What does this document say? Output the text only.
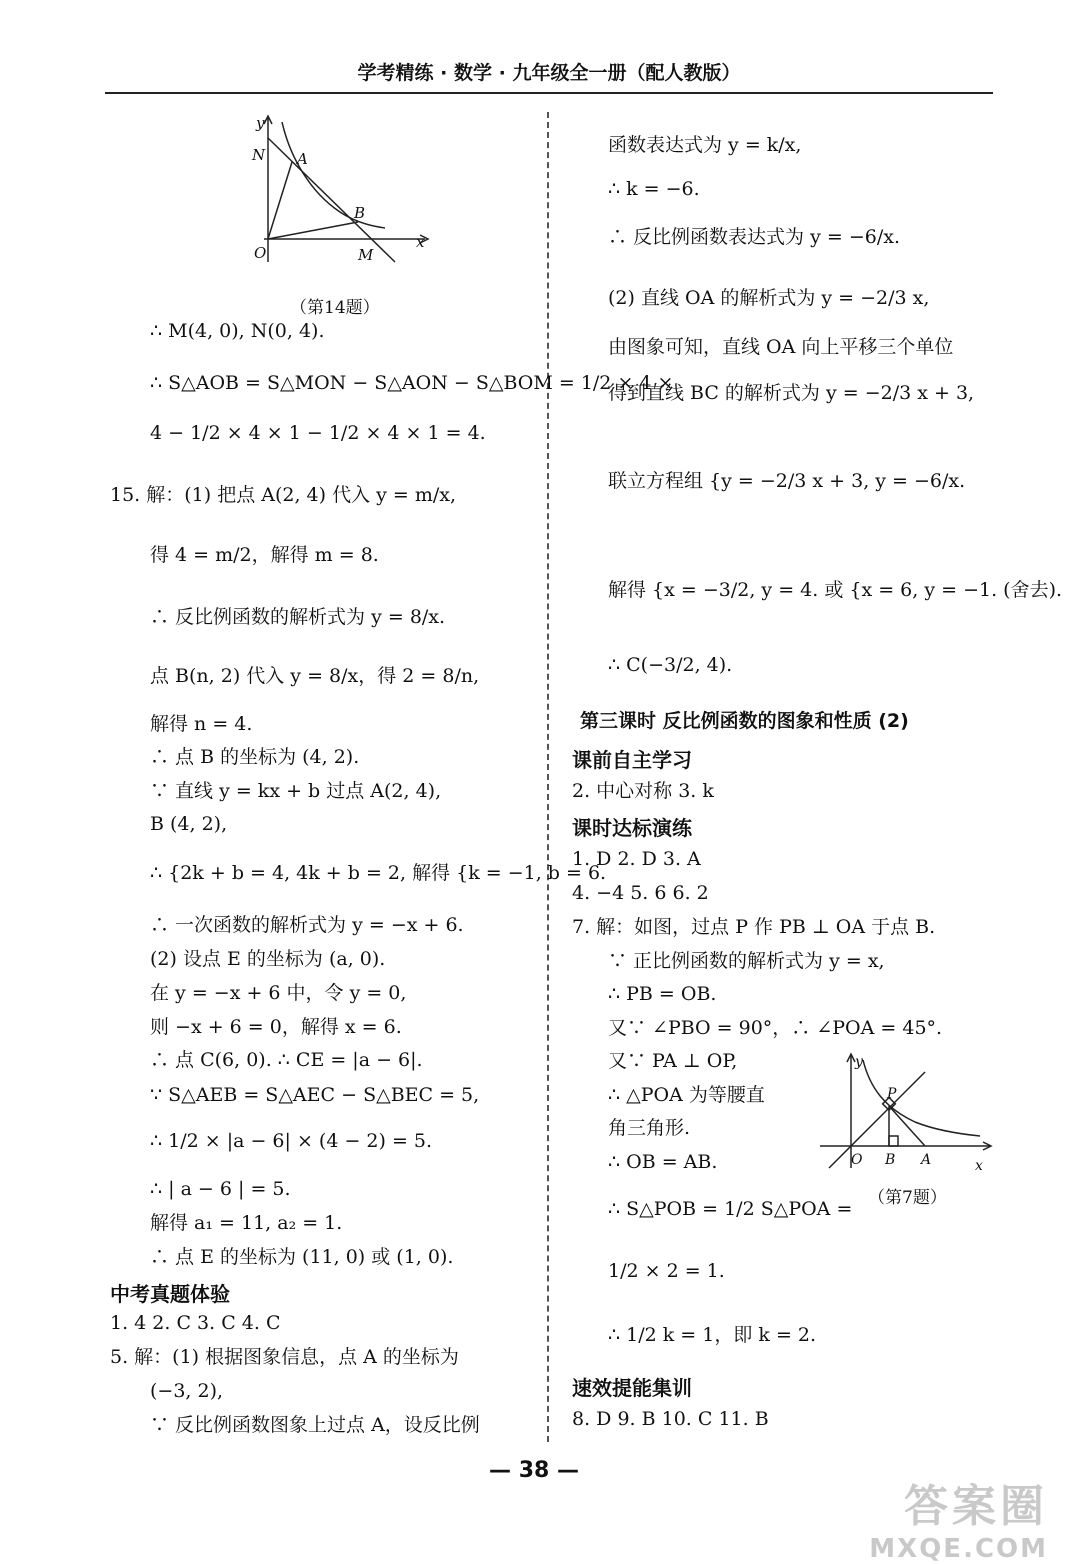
学考精练 · 数学 · 九年级全一册（配人教版）
y
N A
B
O	M
x
（第14题）
∴ M(4, 0), N(0, 4).
∴ S△AOB = S△MON − S△AON − S△BOM = 1/2 × 4 ×
4 − 1/2 × 4 × 1 − 1/2 × 4 × 1 = 4.
15. 解：(1) 把点 A(2, 4) 代入 y = m/x,
得 4 = m/2，解得 m = 8.
∴ 反比例函数的解析式为 y = 8/x.
点 B(n, 2) 代入 y = 8/x，得 2 = 8/n,
解得 n = 4.
∴ 点 B 的坐标为 (4, 2).
∵ 直线 y = kx + b 过点 A(2, 4),
B (4, 2),
∴ {2k + b = 4, 4k + b = 2, 解得 {k = −1, b = 6.
∴ 一次函数的解析式为 y = −x + 6.
(2) 设点 E 的坐标为 (a, 0).
在 y = −x + 6 中，令 y = 0,
则 −x + 6 = 0，解得 x = 6.
∴ 点 C(6, 0). ∴ CE = |a − 6|.
∵ S△AEB = S△AEC − S△BEC = 5,
∴ 1/2 × |a − 6| × (4 − 2) = 5.
∴ | a − 6 | = 5.
解得 a₁ = 11, a₂ = 1.
∴ 点 E 的坐标为 (11, 0) 或 (1, 0).
中考真题体验
1. 4 2. C 3. C 4. C
5. 解：(1) 根据图象信息，点 A 的坐标为
(−3, 2),
∵ 反比例函数图象上过点 A，设反比例
函数表达式为 y = k/x,
∴ k = −6.
∴ 反比例函数表达式为 y = −6/x.
(2) 直线 OA 的解析式为 y = −2/3 x,
由图象可知，直线 OA 向上平移三个单位
得到直线 BC 的解析式为 y = −2/3 x + 3,
联立方程组 {y = −2/3 x + 3, y = −6/x.
解得 {x = −3/2, y = 4. 或 {x = 6, y = −1. (舍去).
∴ C(−3/2, 4).
第三课时 反比例函数的图象和性质 (2)
课前自主学习
2. 中心对称 3. k
课时达标演练
1. D 2. D 3. A
4. −4 5. 6 6. 2
7. 解：如图，过点 P 作 PB ⊥ OA 于点 B.
∵ 正比例函数的解析式为 y = x,
∴ PB = OB.
又∵ ∠PBO = 90°，∴ ∠POA = 45°.
又∵ PA ⊥ OP,
∴ △POA 为等腰直
角三角形.
∴ OB = AB.
∴ S△POB = 1/2 S△POA =
1/2 × 2 = 1.
∴ 1/2 k = 1，即 k = 2.
y
P
O B A	x
（第7题）
速效提能集训
8. D 9. B 10. C 11. B
— 38 —
答案圈
MXQE.COM
